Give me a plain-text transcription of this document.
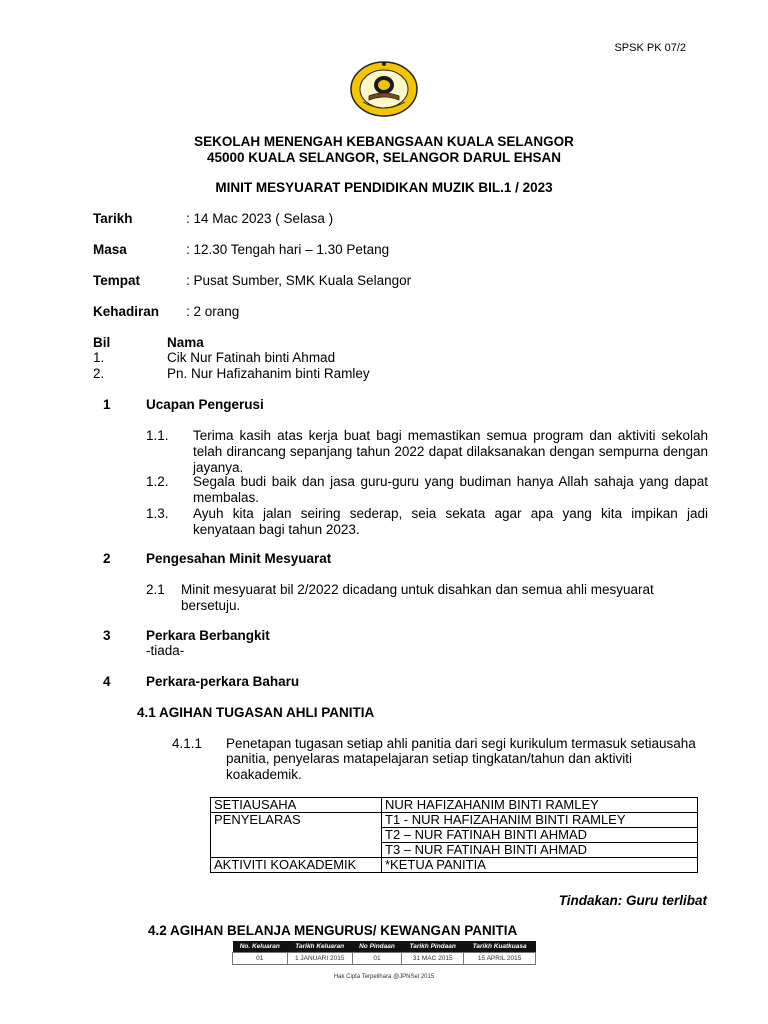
SPSK PK 07/2
SEKOLAH MENENGAH KEBANGSAAN KUALA SELANGOR
45000 KUALA SELANGOR, SELANGOR DARUL EHSAN
MINIT MESYUARAT PENDIDIKAN MUZIK BIL.1 / 2023
Tarikh	: 14 Mac 2023 ( Selasa )
Masa	: 12.30 Tengah hari – 1.30 Petang
Tempat	: Pusat Sumber, SMK Kuala Selangor
Kehadiran : 2 orang
Bil	Nama
1.	Cik Nur Fatinah binti Ahmad
2.	Pn. Nur Hafizahanim binti Ramley
1	Ucapan Pengerusi
1.1. Terima kasih atas kerja buat bagi memastikan semua program dan aktiviti sekolah telah dirancang sepanjang tahun 2022 dapat dilaksanakan dengan sempurna dengan jayanya.
1.2. Segala budi baik dan jasa guru-guru yang budiman hanya Allah sahaja yang dapat membalas.
1.3. Ayuh kita jalan seiring sederap, seia sekata agar apa yang kita impikan jadi kenyataan bagi tahun 2023.
2	Pengesahan Minit Mesyuarat
2.1 Minit mesyuarat bil 2/2022 dicadang untuk disahkan dan semua ahli mesyuarat
bersetuju.
3	Perkara Berbangkit
-tiada-
4	Perkara-perkara Baharu
4.1 AGIHAN TUGASAN AHLI PANITIA
4.1.1 Penetapan tugasan setiap ahli panitia dari segi kurikulum termasuk setiausaha
panitia, penyelaras matapelajaran setiap tingkatan/tahun dan aktiviti
koakademik.
SETIAUSAHA	NUR HAFIZAHANIM BINTI RAMLEY
PENYELARAS	T1 - NUR HAFIZAHANIM BINTI RAMLEY
	T2 – NUR FATINAH BINTI AHMAD
	T3 – NUR FATINAH BINTI AHMAD
AKTIVITI KOAKADEMIK	*KETUA PANITIA
Tindakan: Guru terlibat
4.2 AGIHAN BELANJA MENGURUS/ KEWANGAN PANITIA
No. Keluaran	Tarikh Keluaran	No Pindaan	Tarikh Pindaan	Tarikh Kuatkuasa
01	1 JANUARI 2015	01	31 MAC 2015	15 APRIL 2015
Hak Cipta Terpelihara @JPNSel 2015
